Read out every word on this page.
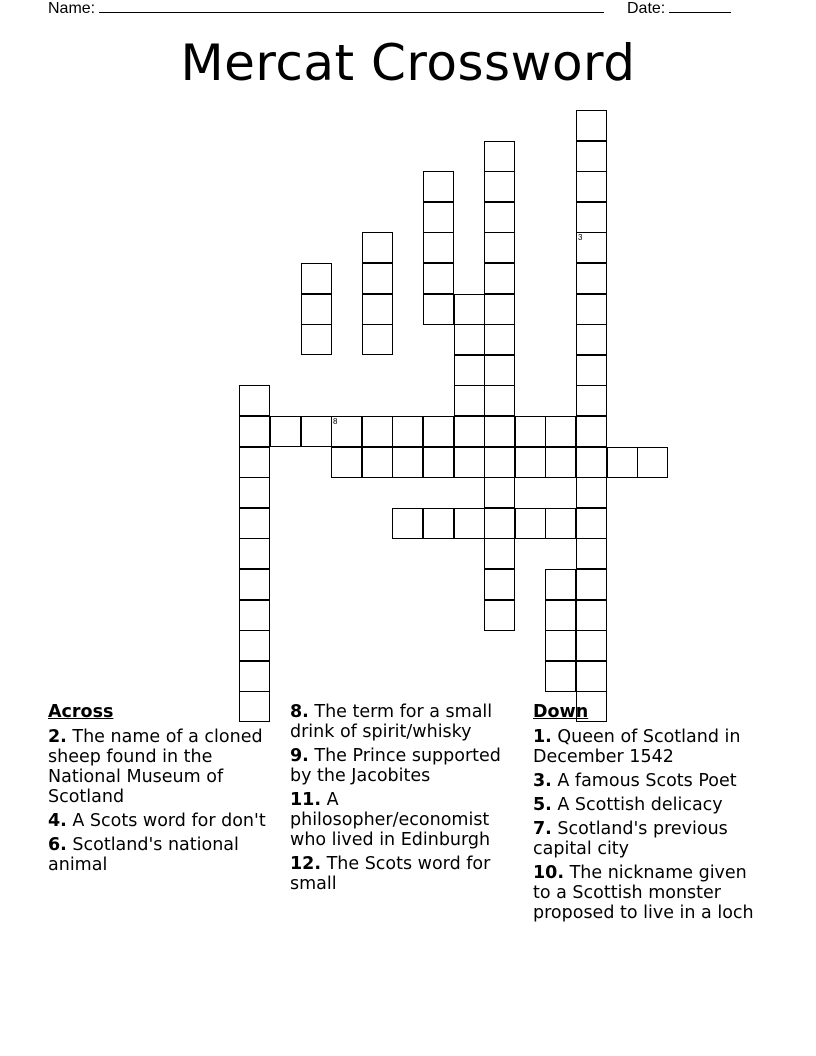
Name:	Date:
Mercat Crossword
8
3
Across
2. The name of a cloned sheep found in the National Museum of Scotland
4. A Scots word for don't
6. Scotland's national animal
8. The term for a small drink of spirit/whisky
9. The Prince supported by the Jacobites
11. A philosopher/economist who lived in Edinburgh
12. The Scots word for small
Down
1. Queen of Scotland in December 1542
3. A famous Scots Poet
5. A Scottish delicacy
7. Scotland's previous capital city
10. The nickname given to a Scottish monster proposed to live in a loch
